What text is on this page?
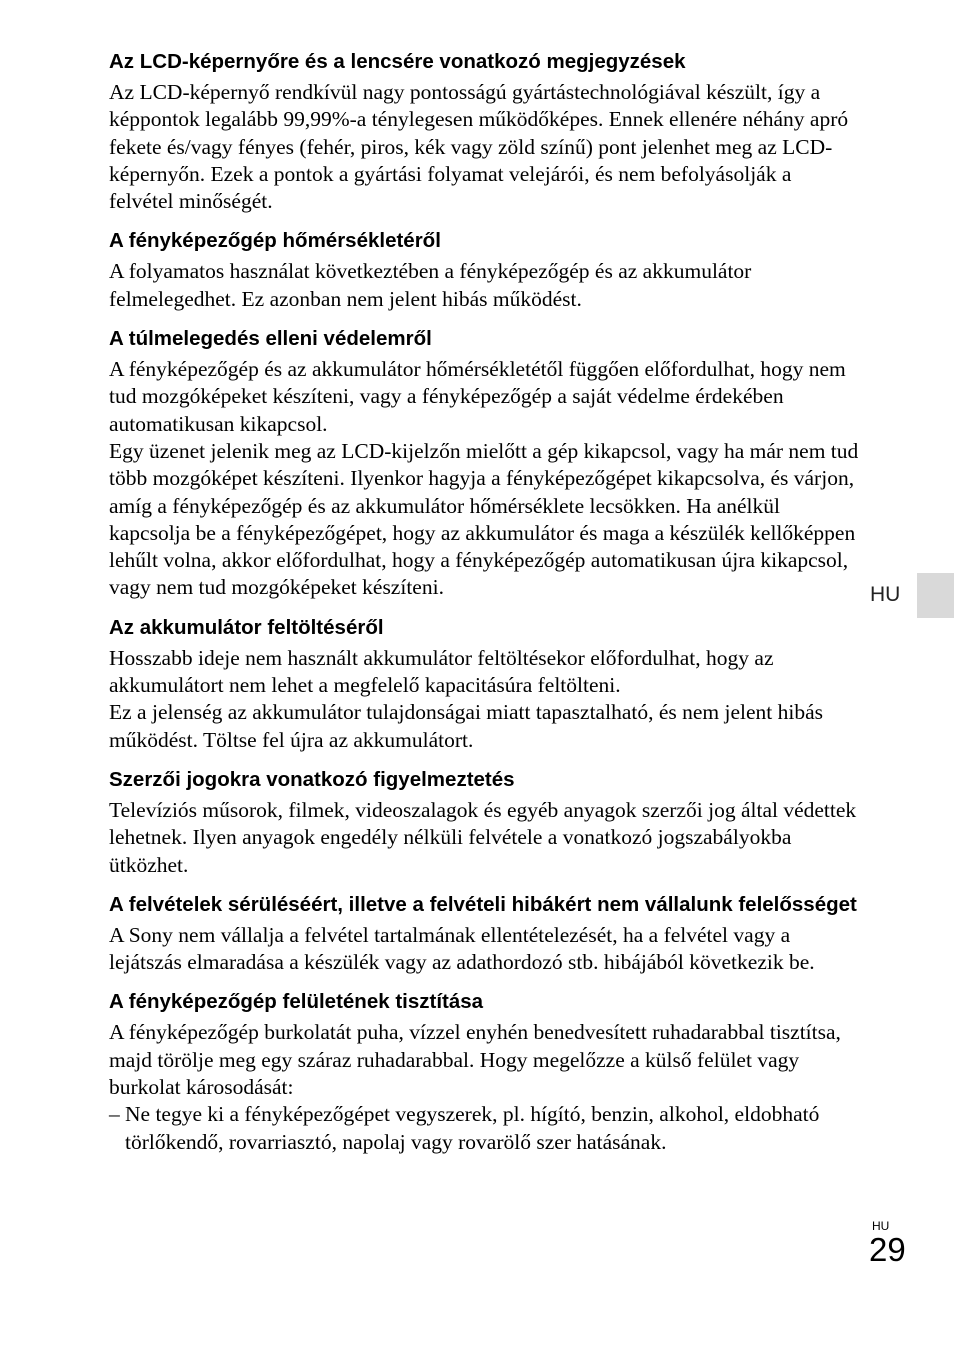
Az LCD-képernyőre és a lencsére vonatkozó megjegyzések

Az LCD-képernyő rendkívül nagy pontosságú gyártástechnológiával készült, így a képpontok legalább 99,99%-a ténylegesen működőképes. Ennek ellenére néhány apró fekete és/vagy fényes (fehér, piros, kék vagy zöld színű) pont jelenhet meg az LCD-képernyőn. Ezek a pontok a gyártási folyamat velejárói, és nem befolyásolják a felvétel minőségét.

A fényképezőgép hőmérsékletéről

A folyamatos használat következtében a fényképezőgép és az akkumulátor felmelegedhet. Ez azonban nem jelent hibás működést.

A túlmelegedés elleni védelemről

A fényképezőgép és az akkumulátor hőmérsékletétől függően előfordulhat, hogy nem tud mozgóképeket készíteni, vagy a fényképezőgép a saját védelme érdekében automatikusan kikapcsol.

Egy üzenet jelenik meg az LCD-kijelzőn mielőtt a gép kikapcsol, vagy ha már nem tud több mozgóképet készíteni. Ilyenkor hagyja a fényképezőgépet kikapcsolva, és várjon, amíg a fényképezőgép és az akkumulátor hőmérséklete lecsökken. Ha anélkül kapcsolja be a fényképezőgépet, hogy az akkumulátor és maga a készülék kellőképpen lehűlt volna, akkor előfordulhat, hogy a fényképezőgép automatikusan újra kikapcsol, vagy nem tud mozgóképeket készíteni.

Az akkumulátor feltöltéséről

Hosszabb ideje nem használt akkumulátor feltöltésekor előfordulhat, hogy az akkumulátort nem lehet a megfelelő kapacitásúra feltölteni.

Ez a jelenség az akkumulátor tulajdonságai miatt tapasztalható, és nem jelent hibás működést. Töltse fel újra az akkumulátort.

Szerzői jogokra vonatkozó figyelmeztetés

Televíziós műsorok, filmek, videoszalagok és egyéb anyagok szerzői jog által védettek lehetnek. Ilyen anyagok engedély nélküli felvétele a vonatkozó jogszabályokba ütközhet.

A felvételek sérüléséért, illetve a felvételi hibákért nem vállalunk felelősséget

A Sony nem vállalja a felvétel tartalmának ellentételezését, ha a felvétel vagy a lejátszás elmaradása a készülék vagy az adathordozó stb. hibájából következik be.

A fényképezőgép felületének tisztítása

A fényképezőgép burkolatát puha, vízzel enyhén benedvesített ruhadarabbal tisztítsa, majd törölje meg egy száraz ruhadarabbal. Hogy megelőzze a külső felület vagy burkolat károsodását:

– Ne tegye ki a fényképezőgépet vegyszerek, pl. hígító, benzin, alkohol, eldobható törlőkendő, rovarriasztó, napolaj vagy rovarölő szer hatásának.

HU
HU
29
